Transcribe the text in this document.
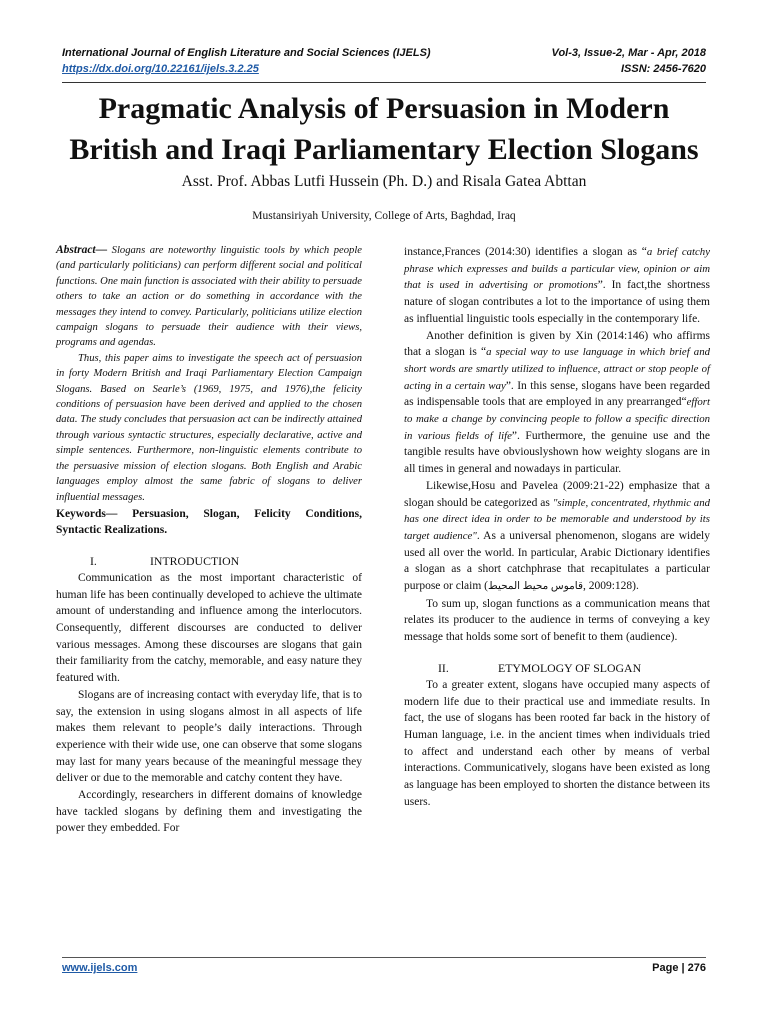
International Journal of English Literature and Social Sciences (IJELS)
https://dx.doi.org/10.22161/ijels.3.2.25
Vol-3, Issue-2, Mar - Apr, 2018
ISSN: 2456-7620
Pragmatic Analysis of Persuasion in Modern
British and Iraqi Parliamentary Election Slogans
Asst. Prof. Abbas Lutfi Hussein (Ph. D.) and Risala Gatea Abttan
Mustansiriyah University, College of Arts, Baghdad, Iraq

Abstract— Slogans are noteworthy linguistic tools by which people (and particularly politicians) can perform different social and political functions. One main function is associated with their ability to persuade others to take an action or do something in accordance with the messages they intend to convey. Particularly, politicians utilize election campaign slogans to persuade their audience with their views, programs and agendas.

Thus, this paper aims to investigate the speech act of persuasion in forty Modern British and Iraqi Parliamentary Election Campaign Slogans. Based on Searle’s (1969, 1975, and 1976),the felicity conditions of persuasion have been derived and applied to the chosen data. The study concludes that persuasion act can be indirectly attained through various syntactic structures, especially declarative, active and simple sentences. Furthermore, non-linguistic elements contribute to the persuasive mission of election slogans. Both English and Arabic languages employ almost the same fabric of slogans to deliver influential messages.

Keywords— Persuasion, Slogan, Felicity Conditions, Syntactic Realizations.
I.	INTRODUCTION

Communication as the most important characteristic of human life has been continually developed to achieve the ultimate amount of understanding and influence among the interlocutors. Consequently, different discourses are conducted to deliver various messages. Among these discourses are slogans that gain their familiarity from the catchy, memorable, and easy nature they featured with.

Slogans are of increasing contact with everyday life, that is to say, the extension in using slogans almost in all aspects of life makes them relevant to people’s daily interactions. Through experience with their wide use, one can observe that some slogans may last for many years because of the meaningful message they deliver or due to the memorable and catchy content they have.

Accordingly, researchers in different domains of knowledge have tackled slogans by defining them and investigating the power they embedded. For

instance,Frances (2014:30) identifies a slogan as “a brief catchy phrase which expresses and builds a particular view, opinion or aim that is used in advertising or promotions”. In fact,the shortness nature of slogan contributes a lot to the importance of using them as influential linguistic tools especially in the contemporary life.

Another definition is given by Xin (2014:146) who affirms that a slogan is “a special way to use language in which brief and short words are smartly utilized to influence, attract or stop people of acting in a certain way”. In this sense, slogans have been regarded as indispensable tools that are employed in any prearranged“effort to make a change by convincing people to follow a specific direction in various fields of life”. Furthermore, the genuine use and the tangible results have obviouslyshown how weighty slogans are in all times in general and nowadays in particular.

Likewise,Hosu and Pavelea (2009:21-22) emphasize that a slogan should be categorized as "simple, concentrated, rhythmic and has one direct idea in order to be memorable and understood by its target audience". As a universal phenomenon, slogans are widely used all over the world. In particular, Arabic Dictionary identifies a slogan as a short catchphrase that recapitulates a particular purpose or claim (قاموس محيط المحيط, 2009:128).

To sum up, slogan functions as a communication means that relates its producer to the audience in terms of conveying a key message that holds some sort of benefit to them (audience).

II.	ETYMOLOGY OF SLOGAN

To a greater extent, slogans have occupied many aspects of modern life due to their practical use and immediate results. In fact, the use of slogans has been rooted far back in the history of Human language, i.e. in the ancient times when individuals tried to affect and understand each other by means of verbal interactions. Communicatively, slogans have been existed as long as language has been employed to shorten the distance between its users.

www.ijels.com	Page | 276
